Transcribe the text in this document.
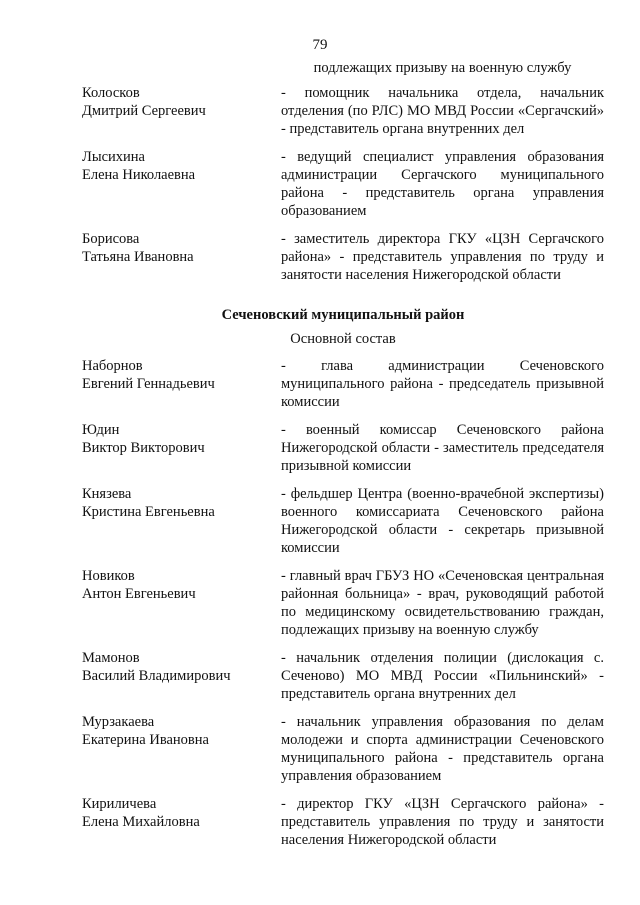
79
подлежащих призыву на военную службу
Колосков
Дмитрий Сергеевич
- помощник начальника отдела, начальник отделения (по РЛС) МО МВД России «Сергачский» - представитель органа внутренних дел
Лысихина
Елена Николаевна
- ведущий специалист управления образования администрации Сергачского муниципального района - представитель органа управления образованием
Борисова
Татьяна Ивановна
- заместитель директора ГКУ «ЦЗН Сергачского района» - представитель управления по труду и занятости населения Нижегородской области
Сеченовский муниципальный район
Основной состав
Наборнов
Евгений Геннадьевич
- глава администрации Сеченовского муниципального района - председатель призывной комиссии
Юдин
Виктор Викторович
- военный комиссар Сеченовского района Нижегородской области - заместитель председателя призывной комиссии
Князева
Кристина Евгеньевна
- фельдшер Центра (военно-врачебной экспертизы) военного комиссариата Сеченовского района Нижегородской области - секретарь призывной комиссии
Новиков
Антон Евгеньевич
- главный врач ГБУЗ НО «Сеченовская центральная районная больница» - врач, руководящий работой по медицинскому освидетельствованию граждан, подлежащих призыву на военную службу
Мамонов
Василий Владимирович
- начальник отделения полиции (дислокация с. Сеченово) МО МВД России «Пильнинский» - представитель органа внутренних дел
Мурзакаева
Екатерина Ивановна
- начальник управления образования по делам молодежи и спорта администрации Сеченовского муниципального района - представитель органа управления образованием
Кириличева
Елена Михайловна
- директор ГКУ «ЦЗН Сергачского района» - представитель управления по труду и занятости населения Нижегородской области
